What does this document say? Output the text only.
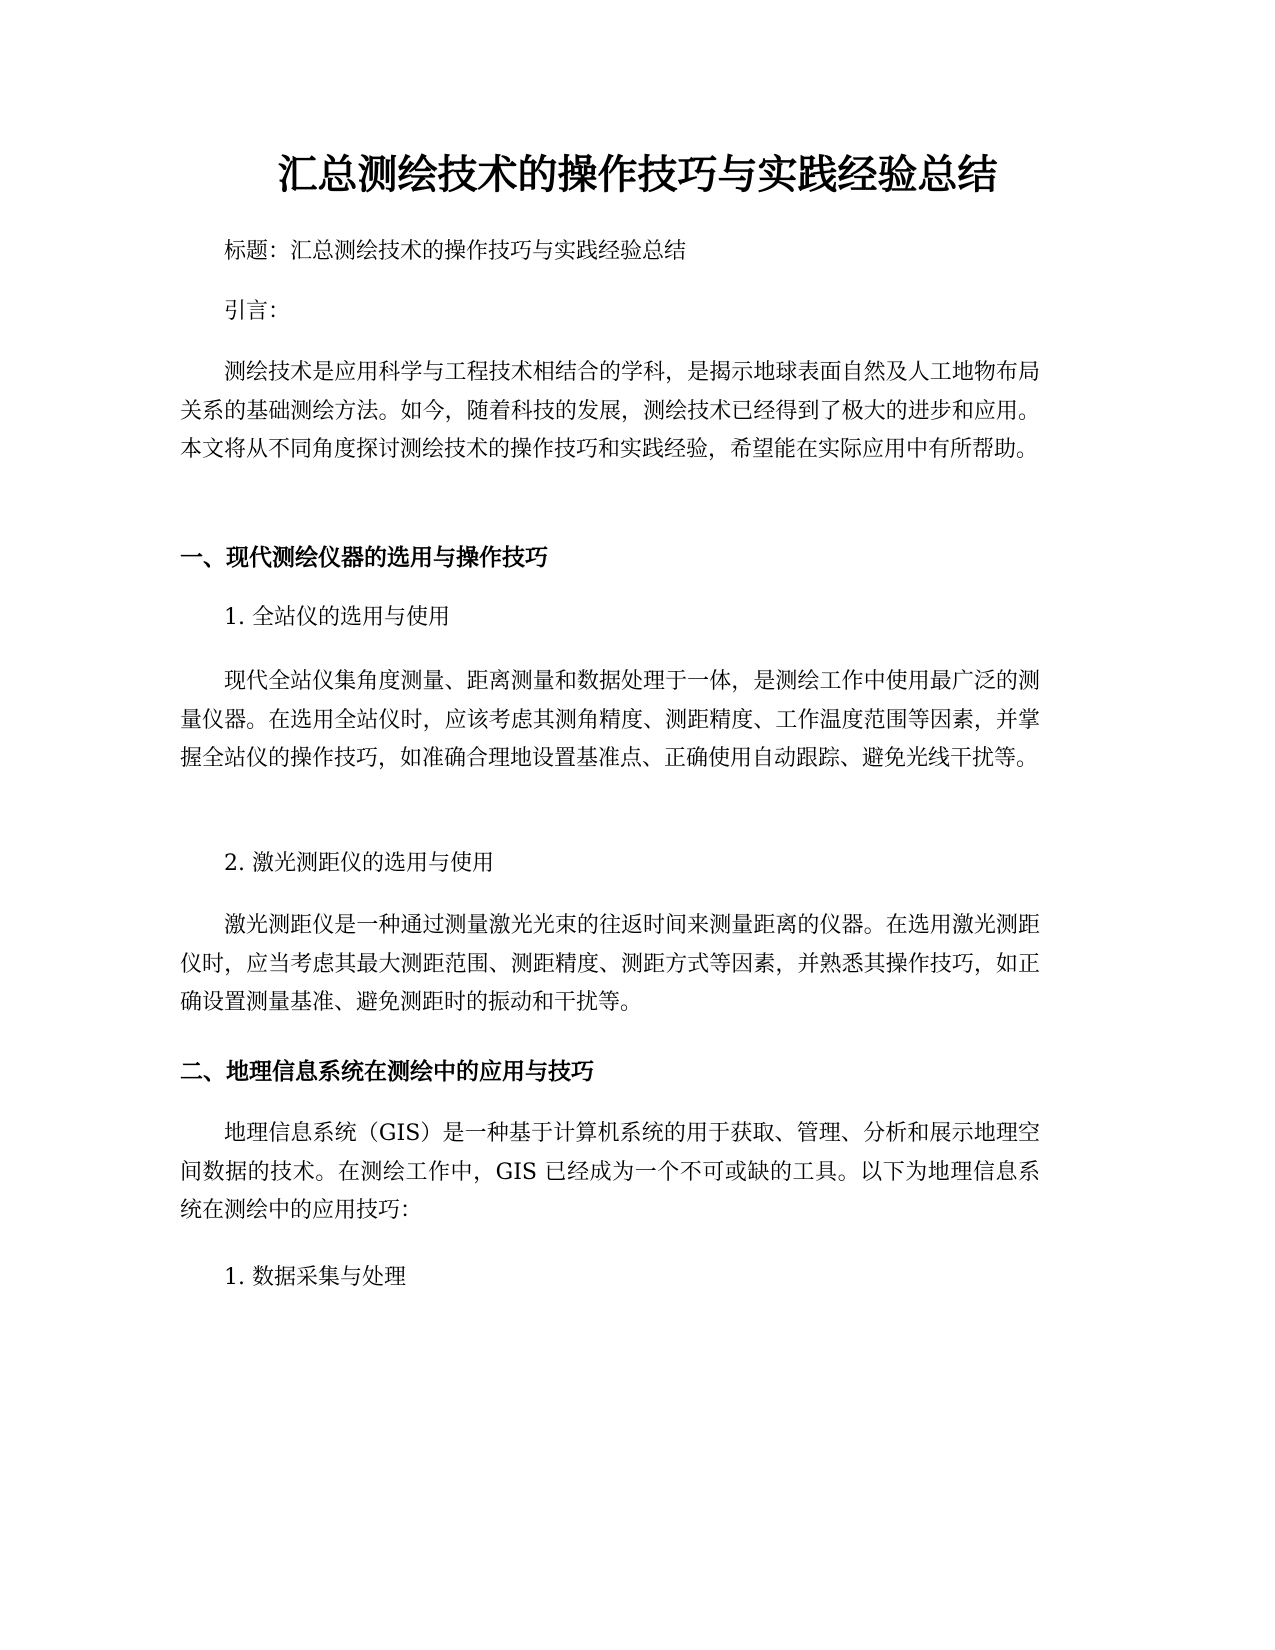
汇总测绘技术的操作技巧与实践经验总结

标题：汇总测绘技术的操作技巧与实践经验总结

引言：

测绘技术是应用科学与工程技术相结合的学科，是揭示地球表面自然及人工地物布局关系的基础测绘方法。如今，随着科技的发展，测绘技术已经得到了极大的进步和应用。本文将从不同角度探讨测绘技术的操作技巧和实践经验，希望能在实际应用中有所帮助。

一、现代测绘仪器的选用与操作技巧

1. 全站仪的选用与使用

现代全站仪集角度测量、距离测量和数据处理于一体，是测绘工作中使用最广泛的测量仪器。在选用全站仪时，应该考虑其测角精度、测距精度、工作温度范围等因素，并掌握全站仪的操作技巧，如准确合理地设置基准点、正确使用自动跟踪、避免光线干扰等。

2. 激光测距仪的选用与使用

激光测距仪是一种通过测量激光光束的往返时间来测量距离的仪器。在选用激光测距仪时，应当考虑其最大测距范围、测距精度、测距方式等因素，并熟悉其操作技巧，如正确设置测量基准、避免测距时的振动和干扰等。

二、地理信息系统在测绘中的应用与技巧

地理信息系统（GIS）是一种基于计算机系统的用于获取、管理、分析和展示地理空间数据的技术。在测绘工作中，GIS 已经成为一个不可或缺的工具。以下为地理信息系统在测绘中的应用技巧：

1. 数据采集与处理
